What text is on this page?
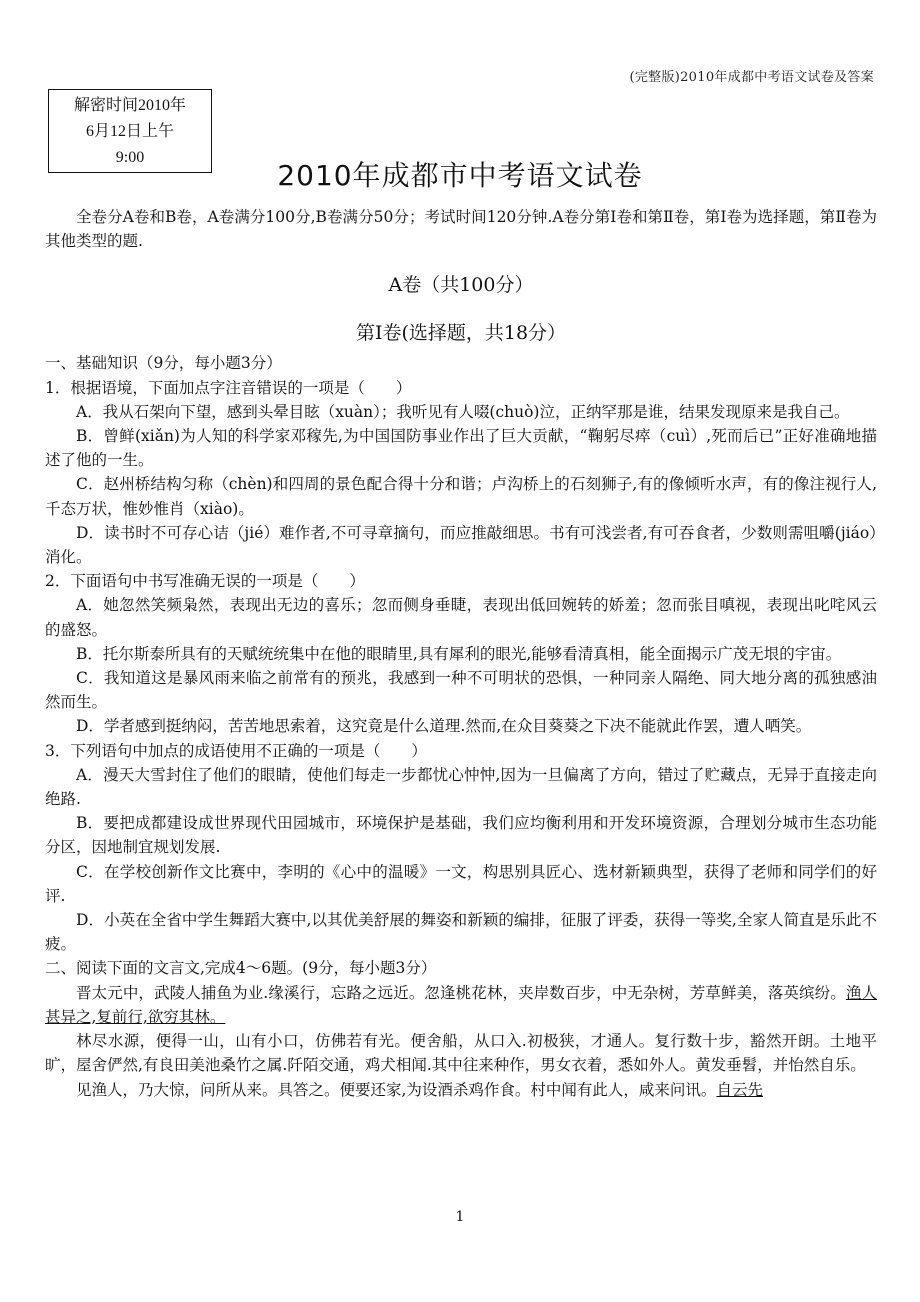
(完整版)2010年成都中考语文试卷及答案
解密时间2010年
6月12日上午
9:00
2010年成都市中考语文试卷

全卷分A卷和B卷，A卷满分100分,B卷满分50分；考试时间120分钟.A卷分第Ⅰ卷和第Ⅱ卷，第Ⅰ卷为选择题，第Ⅱ卷为其他类型的题.

A卷（共100分）

第Ⅰ卷(选择题，共18分）

一、基础知识（9分，每小题3分）

1．根据语境，下面加点字注音错误的一项是（　　）

A．我从石架向下望，感到头晕目眩（xuàn）；我听见有人啜(chuò)泣，正纳罕那是谁，结果发现原来是我自己。

B．曾鲜(xiǎn)为人知的科学家邓稼先,为中国国防事业作出了巨大贡献，“鞠躬尽瘁（cuì）,死而后已”正好准确地描述了他的一生。

C．赵州桥结构匀称（chèn)和四周的景色配合得十分和谐；卢沟桥上的石刻狮子,有的像倾听水声，有的像注视行人,千态万状，惟妙惟肖（xiào)。

D．读书时不可存心诘（jié）难作者,不可寻章摘句，而应推敲细思。书有可浅尝者,有可吞食者，少数则需咀嚼(jiáo）消化。

2．下面语句中书写准确无误的一项是（　　）

A．她忽然笑频枭然，表现出无边的喜乐；忽而侧身垂睫，表现出低回婉转的娇羞；忽而张目嗔视，表现出叱咤风云的盛怒。

B．托尔斯泰所具有的天赋统统集中在他的眼睛里,具有犀利的眼光,能够看清真相，能全面揭示广茂无垠的宇宙。

C．我知道这是暴风雨来临之前常有的预兆，我感到一种不可明状的恐惧，一种同亲人隔绝、同大地分离的孤独感油然而生。

D．学者感到挺纳闷，苦苦地思索着，这究竟是什么道理.然而,在众目葵葵之下决不能就此作罢，遭人哂笑。

3．下列语句中加点的成语使用不正确的一项是（　　）

A．漫天大雪封住了他们的眼睛，使他们每走一步都忧心忡忡,因为一旦偏离了方向，错过了贮藏点，无异于直接走向绝路.

B．要把成都建设成世界现代田园城市，环境保护是基础，我们应均衡利用和开发环境资源，合理划分城市生态功能分区，因地制宜规划发展.

C．在学校创新作文比赛中，李明的《心中的温暖》一文，构思别具匠心、选材新颖典型，获得了老师和同学们的好评.

D．小英在全省中学生舞蹈大赛中,以其优美舒展的舞姿和新颖的编排，征服了评委，获得一等奖,全家人简直是乐此不疲。

二、阅读下面的文言文,完成4～6题。(9分，每小题3分）

晋太元中，武陵人捕鱼为业.缘溪行，忘路之远近。忽逢桃花林，夹岸数百步，中无杂树，芳草鲜美，落英缤纷。渔人甚异之,复前行,欲穷其林。

林尽水源，便得一山，山有小口，仿佛若有光。便舍船，从口入.初极狭，才通人。复行数十步，豁然开朗。土地平旷，屋舍俨然,有良田美池桑竹之属.阡陌交通，鸡犬相闻.其中往来种作，男女衣着，悉如外人。黄发垂髫，并怡然自乐。

见渔人，乃大惊，问所从来。具答之。便要还家,为设酒杀鸡作食。村中闻有此人，咸来问讯。自云先

1
